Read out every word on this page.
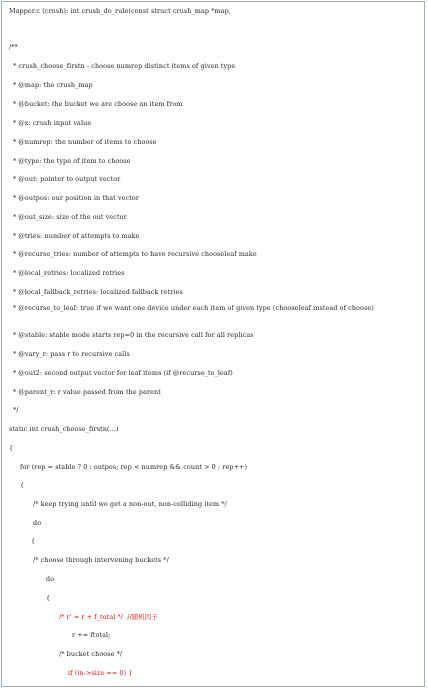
Mapper.c (crush): int crush_do_rule(const struct crush_map *map,
/**
* crush_choose_firstn - choose numrep distinct items of given type
* @map: the crush_map
* @bucket: the bucket we are choose an item from
* @x: crush input value
* @numrep: the number of items to choose
* @type: the type of item to choose
* @out: pointer to output vector
* @outpos: our position in that vector
* @out_size: size of the out vector
* @tries: number of attempts to make
* @recurse_tries: number of attempts to have recursive chooseleaf make
* @local_retries: localized retries
* @local_fallback_retries: localized fallback retries
* @recurse_to_leaf: true if we want one device under each item of given type (chooseleaf instead of choose)
* @stable: stable mode starts rep=0 in the recursive call for all replicas
* @vary_r: pass r to recursive calls
* @out2: second output vector for leaf items (if @recurse_to_leaf)
* @parent_r: r value passed from the parent
*/
static int crush_choose_firstn(...)
{
for (rep = stable ? 0 : outpos; rep < numrep && count > 0 ; rep++)
{
/* keep trying until we get a non-out, non-colliding item */
do
{
/* choose through intervening buckets */
do
{
/* r' = r + f_total */  //随机因子
r += ftotal;
/* bucket choose */
if (in->size == 0) {
